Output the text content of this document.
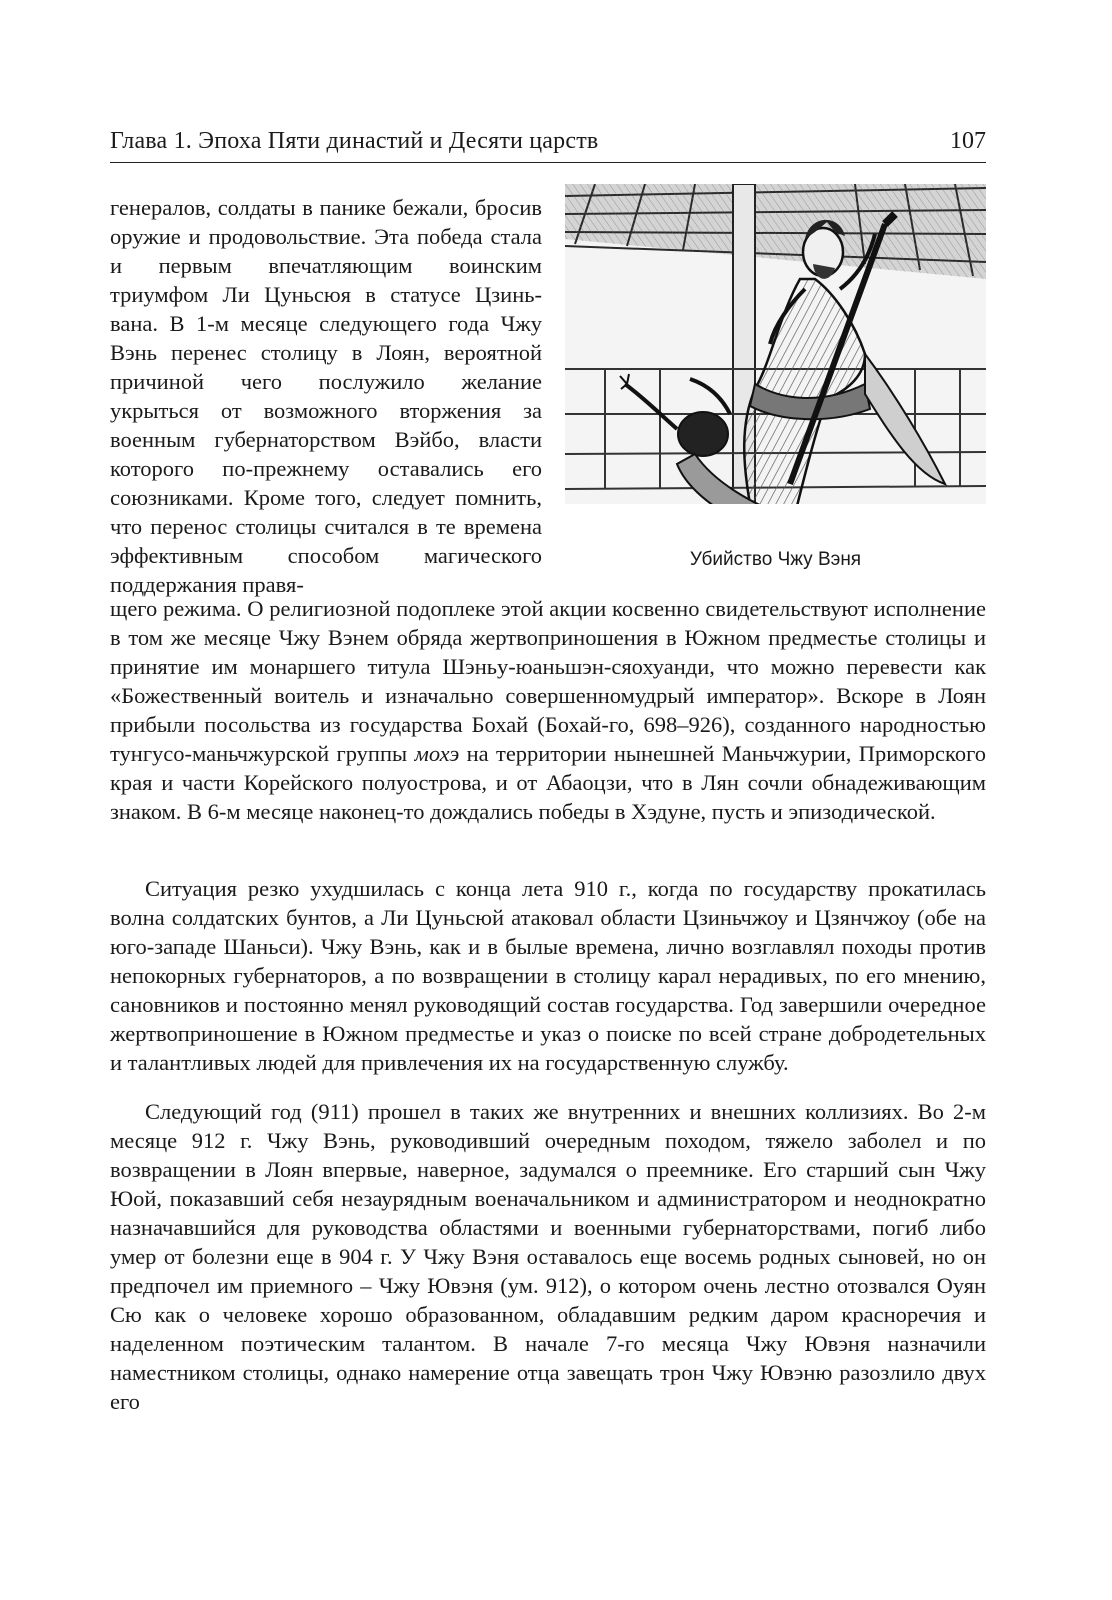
Глава 1. Эпоха Пяти династий и Десяти царств	107
Убийство Чжу Вэня
генералов, солдаты в панике бежали, бросив оружие и продовольствие. Эта победа стала и первым впечатляющим воинским триумфом Ли Цуньсюя в статусе Цзинь-вана. В 1-м месяце следующего года Чжу Вэнь перенес столицу в Лоян, вероятной причиной чего послужило желание укрыться от возможного вторжения за военным губернаторством Вэйбо, власти которого по-прежнему оставались его союзниками. Кроме того, следует помнить, что перенос столицы считался в те времена эффективным способом магического поддержания правя-
щего режима. О религиозной подоплеке этой акции косвенно свидетельствуют исполнение в том же месяце Чжу Вэнем обряда жертвоприношения в Южном предместье столицы и принятие им монаршего титула Шэньу-юаньшэн-сяохуанди, что можно перевести как «Божественный воитель и изначально совершенномудрый император». Вскоре в Лоян прибыли посольства из государства Бохай (Бохай-го, 698–926), созданного народностью тунгусо-маньчжурской группы мохэ на территории нынешней Маньчжурии, Приморского края и части Корейского полуострова, и от Абаоцзи, что в Лян сочли обнадеживающим знаком. В 6-м месяце наконец-то дождались победы в Хэдуне, пусть и эпизодической.
Ситуация резко ухудшилась с конца лета 910 г., когда по государству прокатилась волна солдатских бунтов, а Ли Цуньсюй атаковал области Цзиньчжоу и Цзянчжоу (обе на юго-западе Шаньси). Чжу Вэнь, как и в былые времена, лично возглавлял походы против непокорных губернаторов, а по возвращении в столицу карал нерадивых, по его мнению, сановников и постоянно менял руководящий состав государства. Год завершили очередное жертвоприношение в Южном предместье и указ о поиске по всей стране добродетельных и талантливых людей для привлечения их на государственную службу.
Следующий год (911) прошел в таких же внутренних и внешних коллизиях. Во 2-м месяце 912 г. Чжу Вэнь, руководивший очередным походом, тяжело заболел и по возвращении в Лоян впервые, наверное, задумался о преемнике. Его старший сын Чжу Юой, показавший себя незаурядным военачальником и администратором и неоднократно назначавшийся для руководства областями и военными губернаторствами, погиб либо умер от болезни еще в 904 г. У Чжу Вэня оставалось еще восемь родных сыновей, но он предпочел им приемного – Чжу Ювэня (ум. 912), о котором очень лестно отозвался Оуян Сю как о человеке хорошо образованном, обладавшим редким даром красноречия и наделенном поэтическим талантом. В начале 7-го месяца Чжу Ювэня назначили наместником столицы, однако намерение отца завещать трон Чжу Ювэню разозлило двух его
